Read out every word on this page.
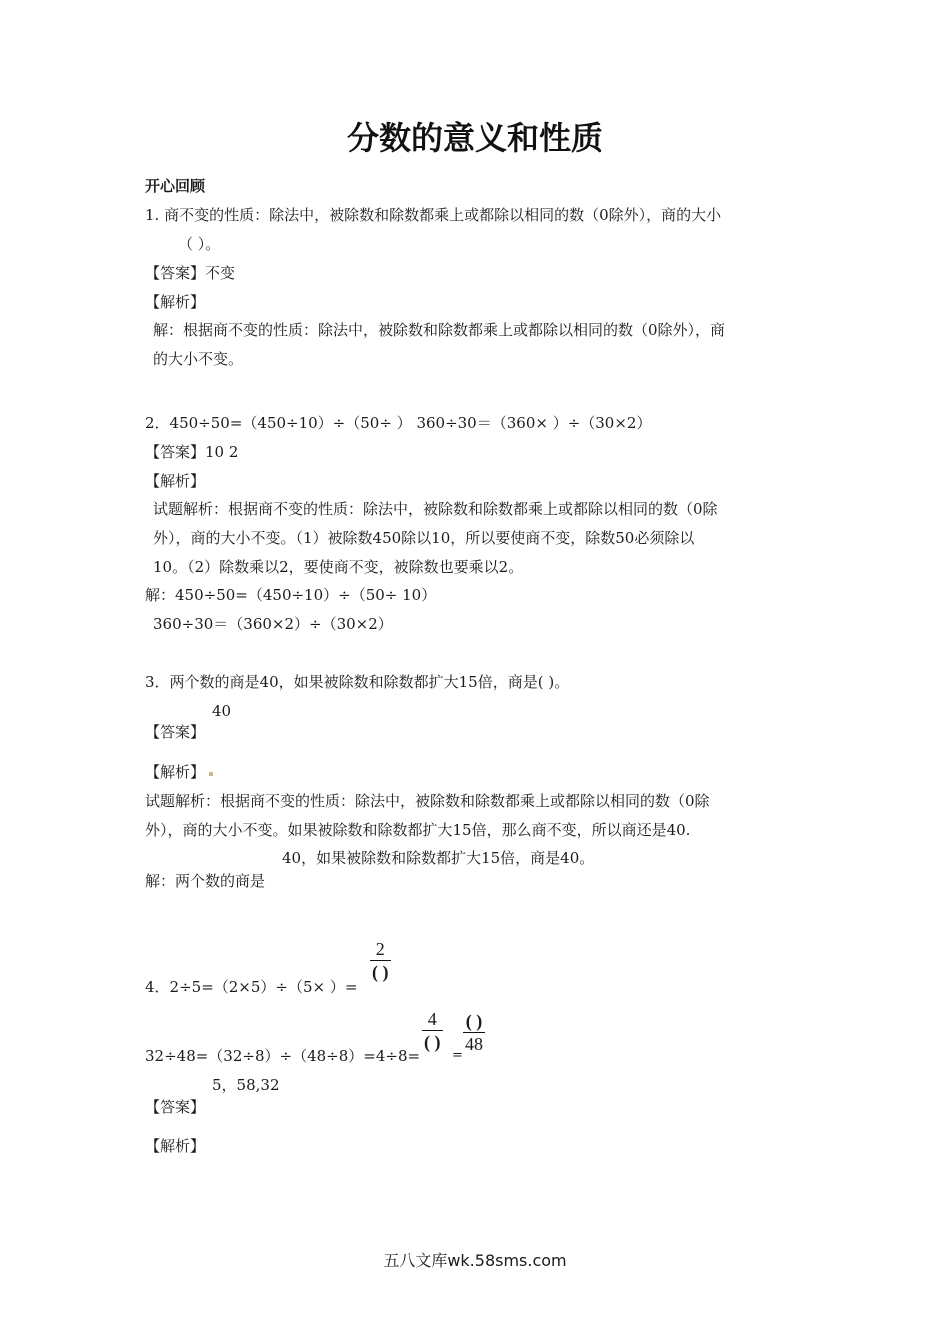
分数的意义和性质
开心回顾
1. 商不变的性质：除法中，被除数和除数都乘上或都除以相同的数（0除外），商的大小
（ ）。
【答案】不变
【解析】
解：根据商不变的性质：除法中，被除数和除数都乘上或都除以相同的数（0除外），商
的大小不变。
2．450÷50=（450÷10）÷（50÷ ） 360÷30＝（360× ）÷（30×2）
【答案】10 2
【解析】
试题解析：根据商不变的性质：除法中，被除数和除数都乘上或都除以相同的数（0除
外），商的大小不变。（1）被除数450除以10，所以要使商不变，除数50必须除以
10。（2）除数乘以2，要使商不变，被除数也要乘以2。
解：450÷50=（450÷10）÷（50÷ 10）
360÷30＝（360×2）÷（30×2）
3．两个数的商是40，如果被除数和除数都扩大15倍，商是( )。
40
【答案】
【解析】
试题解析：根据商不变的性质：除法中，被除数和除数都乘上或都除以相同的数（0除
外），商的大小不变。如果被除数和除数都扩大15倍，那么商不变，所以商还是40.
40，如果被除数和除数都扩大15倍，商是40。
解：两个数的商是
2
( )
4．2÷5=（2×5）÷（5× ）=
4
( )
32÷48=（32÷8）÷（48÷8）=4÷8= =
( )
48
5，58,32
【答案】
【解析】
五八文库wk.58sms.com
